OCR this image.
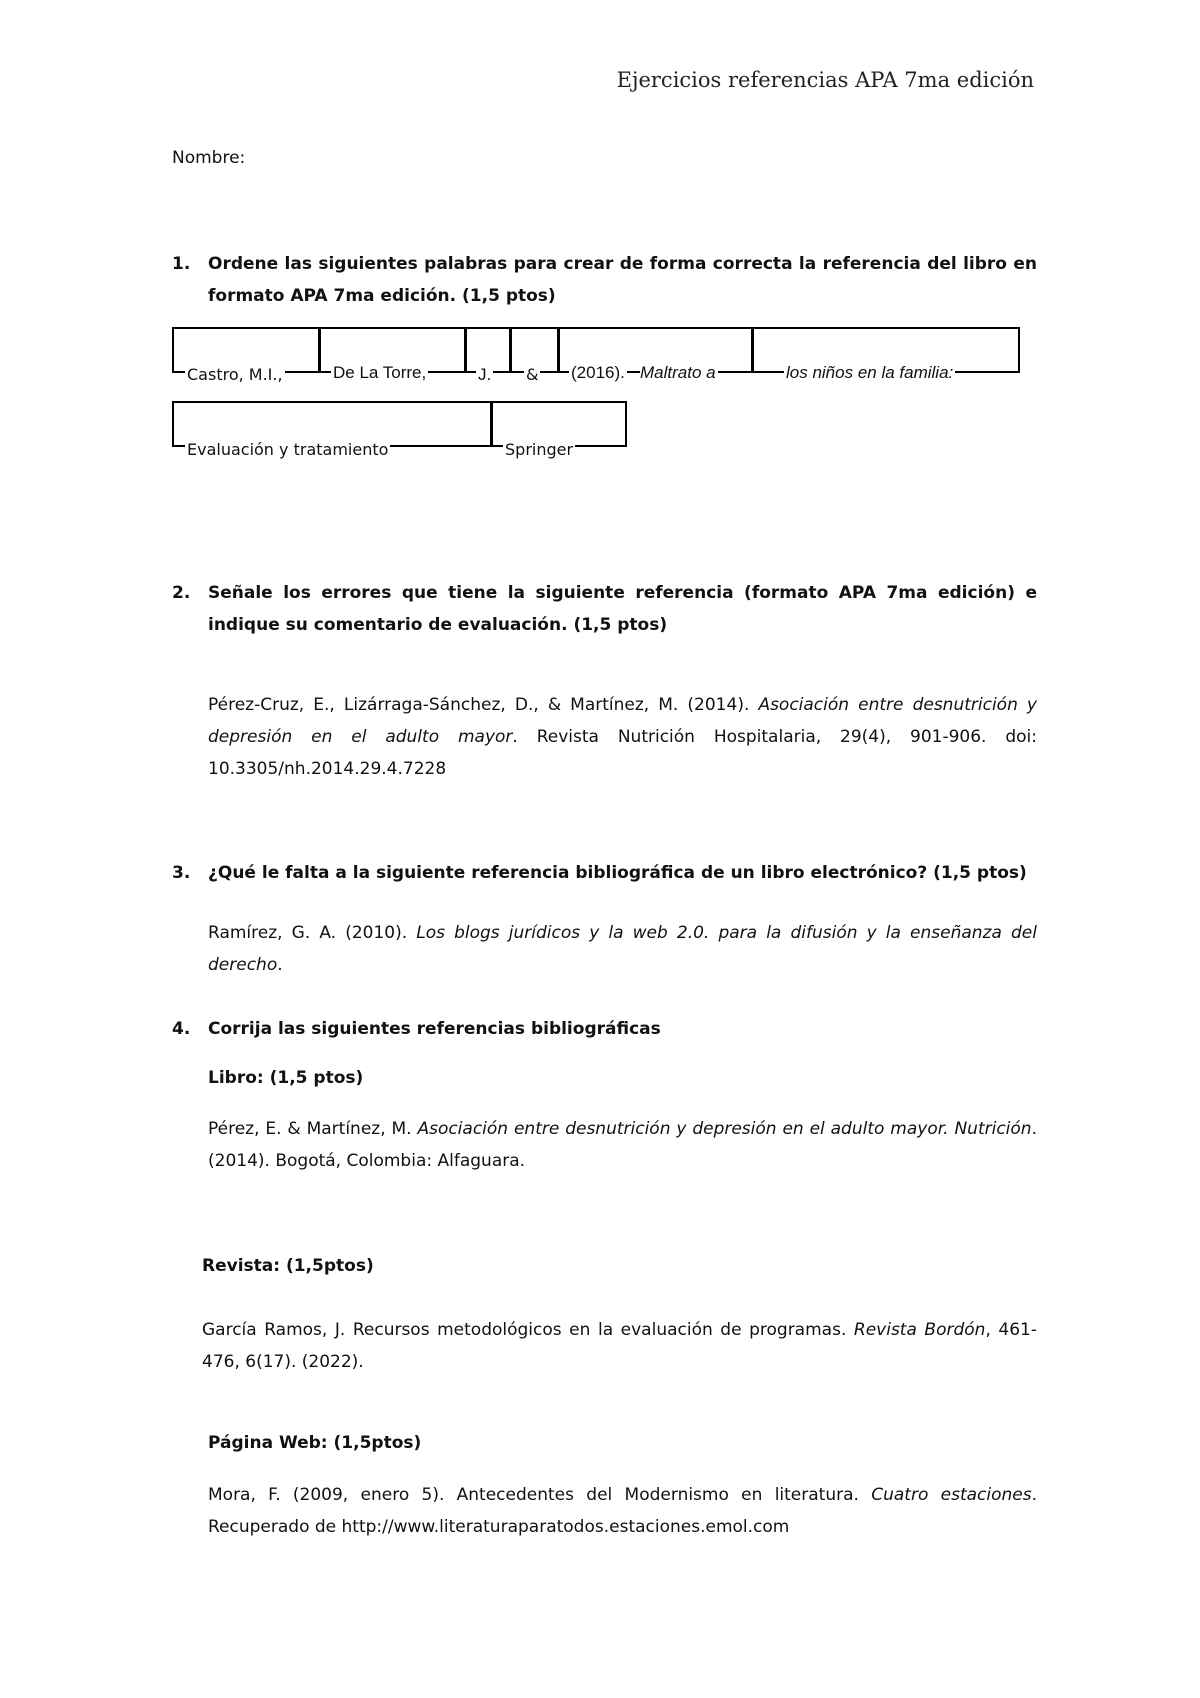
Ejercicios referencias APA 7ma edición
Nombre:
1. Ordene las siguientes palabras para crear de forma correcta la referencia del libro en formato APA 7ma edición. (1,5 ptos)
Castro, M.I.,	De La Torre,	J. & (2016). Maltrato a	los niños en la familia:
Evaluación y tratamiento	Springer
2. Señale los errores que tiene la siguiente referencia (formato APA 7ma edición) e indique su comentario de evaluación. (1,5 ptos)
Pérez-Cruz, E., Lizárraga-Sánchez, D., & Martínez, M. (2014). Asociación entre desnutrición y depresión en el adulto mayor. Revista Nutrición Hospitalaria, 29(4), 901-906. doi: 10.3305/nh.2014.29.4.7228
3. ¿Qué le falta a la siguiente referencia bibliográfica de un libro electrónico? (1,5 ptos)
Ramírez, G. A. (2010). Los blogs jurídicos y la web 2.0. para la difusión y la enseñanza del derecho.
4. Corrija las siguientes referencias bibliográficas
Libro: (1,5 ptos)
Pérez, E. & Martínez, M. Asociación entre desnutrición y depresión en el adulto mayor. Nutrición. (2014). Bogotá, Colombia: Alfaguara.
Revista: (1,5ptos)
García Ramos, J. Recursos metodológicos en la evaluación de programas. Revista Bordón, 461- 476, 6(17). (2022).
Página Web: (1,5ptos)
Mora, F. (2009, enero 5). Antecedentes del Modernismo en literatura. Cuatro estaciones. Recuperado de http://www.literaturaparatodos.estaciones.emol.com
